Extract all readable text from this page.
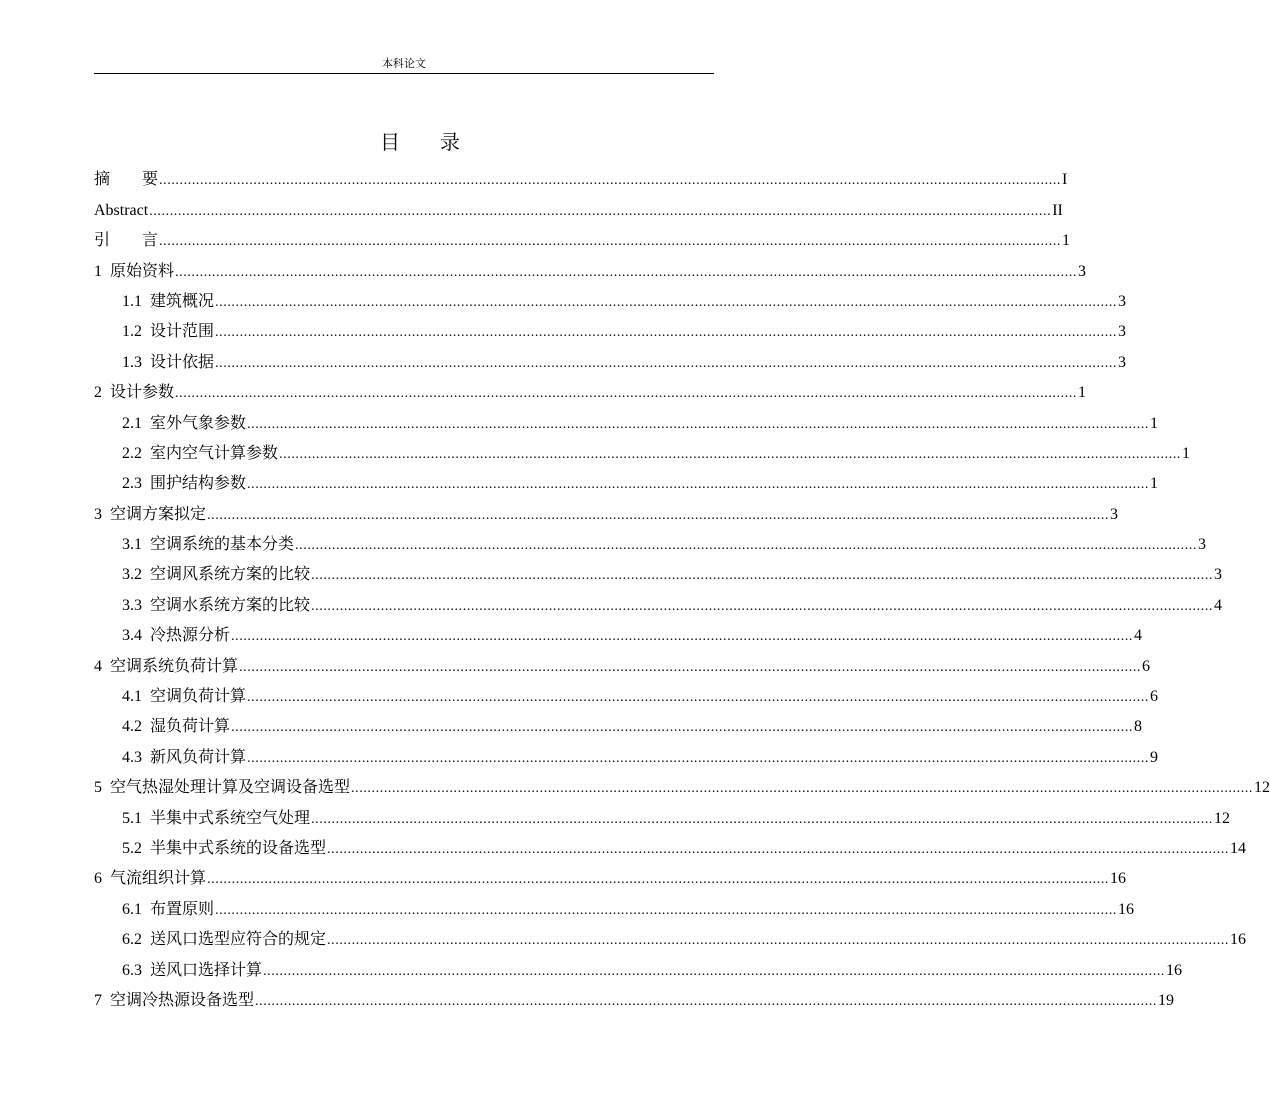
本科论文
目 录
摘　　要 ............................................................................................................................................................................................................................ I
Abstract ............................................................................................................................................................................................................................ II
引　　言 ............................................................................................................................................................................................................................ 1
1  原始资料 ............................................................................................................................................................................................................................ 3
1.1  建筑概况 ............................................................................................................................................................................................................................ 3
1.2  设计范围 ............................................................................................................................................................................................................................ 3
1.3  设计依据 ............................................................................................................................................................................................................................ 3
2  设计参数 ............................................................................................................................................................................................................................ 1
2.1  室外气象参数 ............................................................................................................................................................................................................................ 1
2.2  室内空气计算参数 ............................................................................................................................................................................................................................ 1
2.3  围护结构参数 ............................................................................................................................................................................................................................ 1
3  空调方案拟定 ............................................................................................................................................................................................................................ 3
3.1  空调系统的基本分类 ............................................................................................................................................................................................................................ 3
3.2  空调风系统方案的比较 ............................................................................................................................................................................................................................ 3
3.3  空调水系统方案的比较 ............................................................................................................................................................................................................................ 4
3.4  冷热源分析 ............................................................................................................................................................................................................................ 4
4  空调系统负荷计算 ............................................................................................................................................................................................................................ 6
4.1  空调负荷计算 ............................................................................................................................................................................................................................ 6
4.2  湿负荷计算 ............................................................................................................................................................................................................................ 8
4.3  新风负荷计算 ............................................................................................................................................................................................................................ 9
5  空气热湿处理计算及空调设备选型 ............................................................................................................................................................................................................................ 12
5.1  半集中式系统空气处理 ............................................................................................................................................................................................................................ 12
5.2  半集中式系统的设备选型 ............................................................................................................................................................................................................................ 14
6  气流组织计算 ............................................................................................................................................................................................................................ 16
6.1  布置原则 ............................................................................................................................................................................................................................ 16
6.2  送风口选型应符合的规定 ............................................................................................................................................................................................................................ 16
6.3  送风口选择计算 ............................................................................................................................................................................................................................ 16
7  空调冷热源设备选型 ............................................................................................................................................................................................................................ 19
